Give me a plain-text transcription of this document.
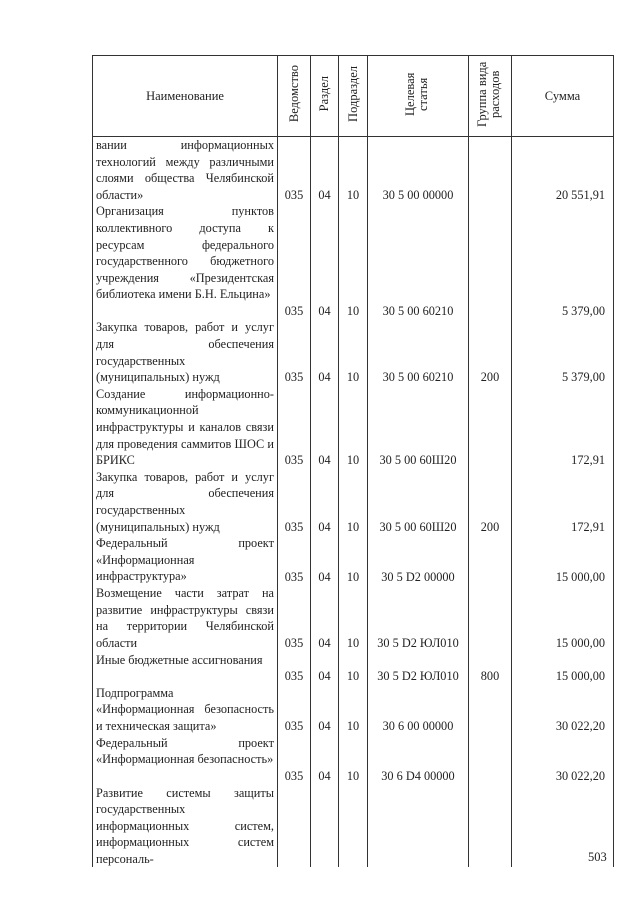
Наименование	Ведомство	Раздел	Подраздел	Целевая статья	Группа вида расходов	Сумма
вании информационных технологий между различными слоями общества Челябинской области»	035	04	10	30 5 00 00000		20 551,91
Организация пунктов коллективного доступа к ресурсам федерального государственного бюджетного учреждения «Президентская библиотека имени Б.Н. Ельцина»	035	04	10	30 5 00 60210		5 379,00
Закупка товаров, работ и услуг для обеспечения государственных (муниципальных) нужд	035	04	10	30 5 00 60210	200	5 379,00
Создание информационно-коммуникационной инфраструктуры и каналов связи для проведения саммитов ШОС и БРИКС	035	04	10	30 5 00 60Ш20		172,91
Закупка товаров, работ и услуг для обеспечения государственных (муниципальных) нужд	035	04	10	30 5 00 60Ш20	200	172,91
Федеральный проект «Информационная инфраструктура»	035	04	10	30 5 D2 00000		15 000,00
Возмещение части затрат на развитие инфраструктуры связи на территории Челябинской области	035	04	10	30 5 D2 ЮЛ010		15 000,00
Иные бюджетные ассигнования	035	04	10	30 5 D2 ЮЛ010	800	15 000,00
Подпрограмма «Информационная безопасность и техническая защита»	035	04	10	30 6 00 00000		30 022,20
Федеральный проект «Информационная безопасность»	035	04	10	30 6 D4 00000		30 022,20
Развитие системы защиты государственных информационных систем, информационных систем персональ-							503
